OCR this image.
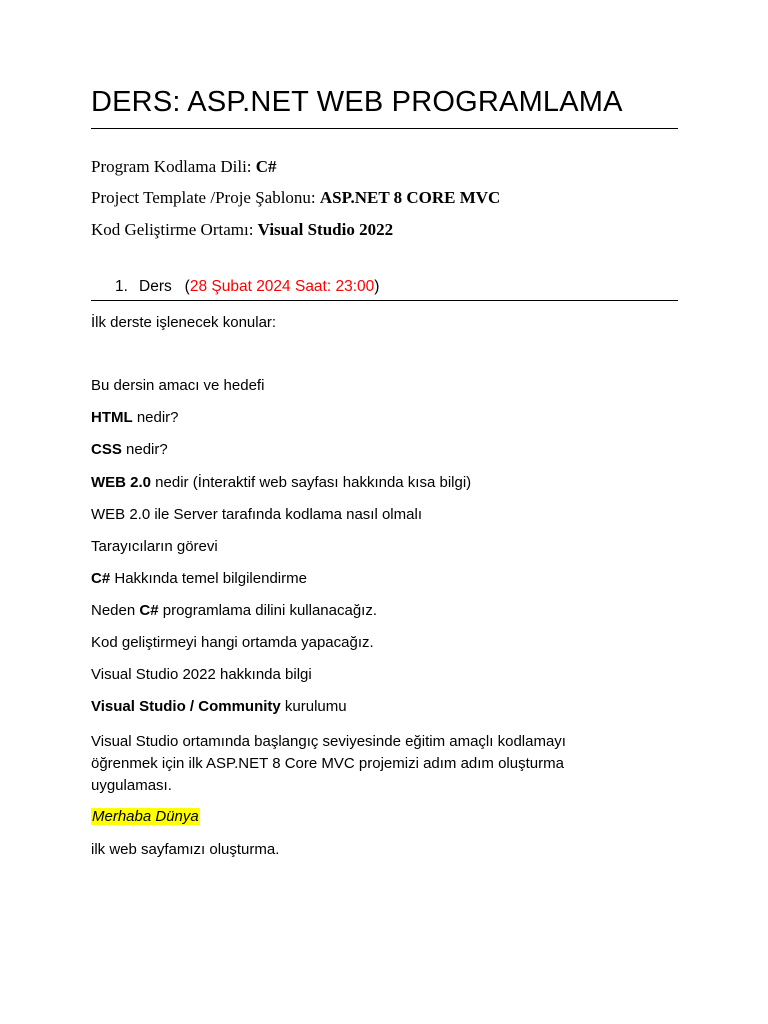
DERS: ASP.NET WEB PROGRAMLAMA
Program Kodlama Dili: C#
Project Template /Proje Şablonu: ASP.NET 8 CORE MVC
Kod Geliştirme Ortamı: Visual Studio 2022
1. Ders (28 Şubat 2024 Saat: 23:00)
İlk derste işlenecek konular:
Bu dersin amacı ve hedefi
HTML nedir?
CSS nedir?
WEB 2.0 nedir (İnteraktif web sayfası hakkında kısa bilgi)
WEB 2.0 ile Server tarafında kodlama nasıl olmalı
Tarayıcıların görevi
C# Hakkında temel bilgilendirme
Neden C# programlama dilini kullanacağız.
Kod geliştirmeyi hangi ortamda yapacağız.
Visual Studio 2022 hakkında bilgi
Visual Studio / Community kurulumu
Visual Studio ortamında başlangıç seviyesinde eğitim amaçlı kodlamayı öğrenmek için ilk ASP.NET 8 Core MVC projemizi adım adım oluşturma uygulaması.
Merhaba Dünya
ilk web sayfamızı oluşturma.
